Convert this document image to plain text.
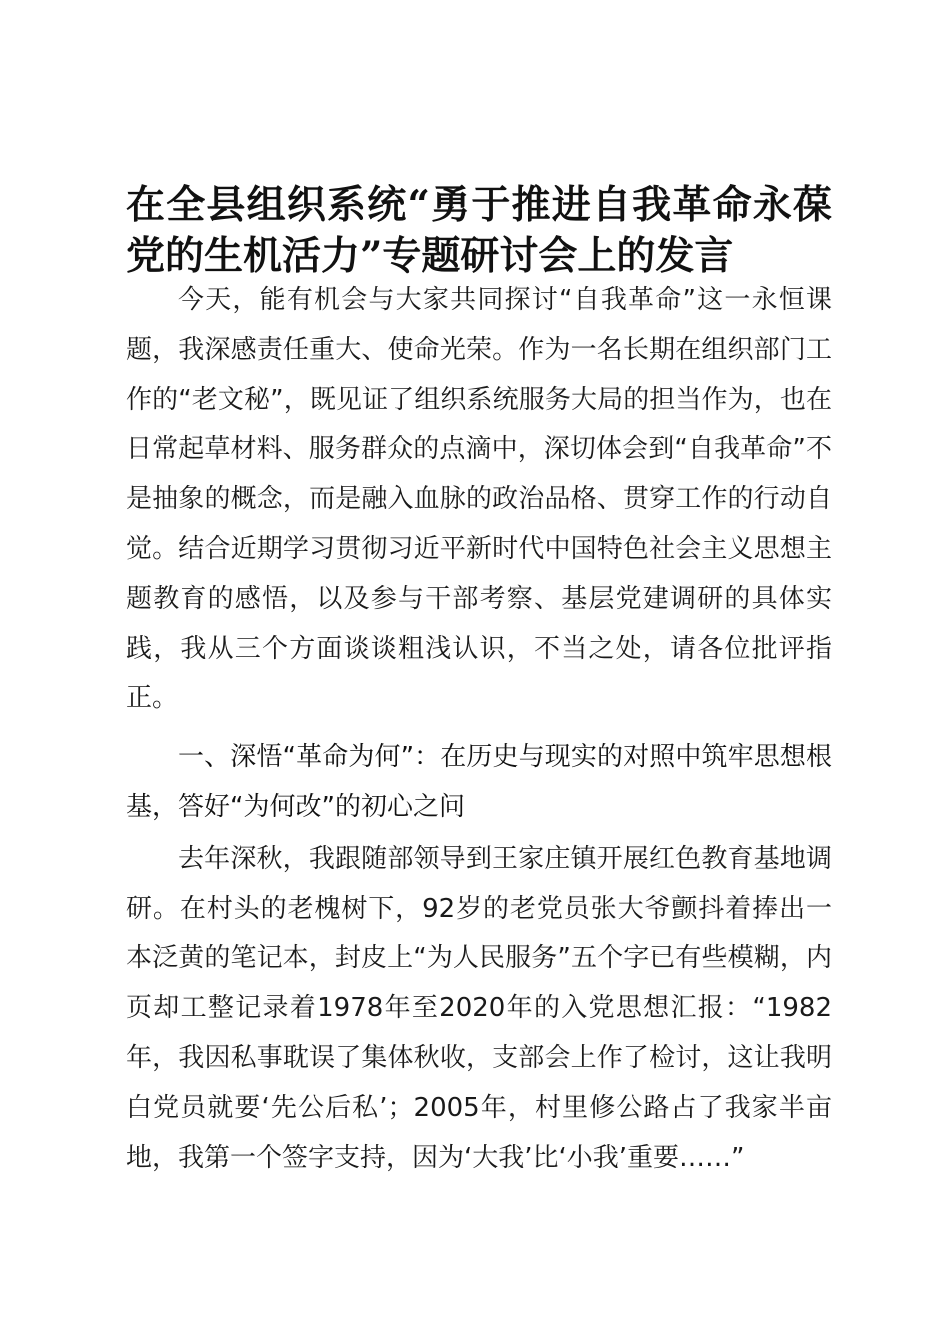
在全县组织系统“勇于推进自我革命永葆党的生机活力”专题研讨会上的发言

今天，能有机会与大家共同探讨“自我革命”这一永恒课题，我深感责任重大、使命光荣。作为一名长期在组织部门工作的“老文秘”，既见证了组织系统服务大局的担当作为，也在日常起草材料、服务群众的点滴中，深切体会到“自我革命”不是抽象的概念，而是融入血脉的政治品格、贯穿工作的行动自觉。结合近期学习贯彻习近平新时代中国特色社会主义思想主题教育的感悟，以及参与干部考察、基层党建调研的具体实践，我从三个方面谈谈粗浅认识，不当之处，请各位批评指正。

一、深悟“革命为何”：在历史与现实的对照中筑牢思想根基，答好“为何改”的初心之问

去年深秋，我跟随部领导到王家庄镇开展红色教育基地调研。在村头的老槐树下，92岁的老党员张大爷颤抖着捧出一本泛黄的笔记本，封皮上“为人民服务”五个字已有些模糊，内页却工整记录着1978年至2020年的入党思想汇报：“1982年，我因私事耽误了集体秋收，支部会上作了检讨，这让我明白党员就要‘先公后私’；2005年，村里修公路占了我家半亩地，我第一个签字支持，因为‘大我’比‘小我’重要……”
